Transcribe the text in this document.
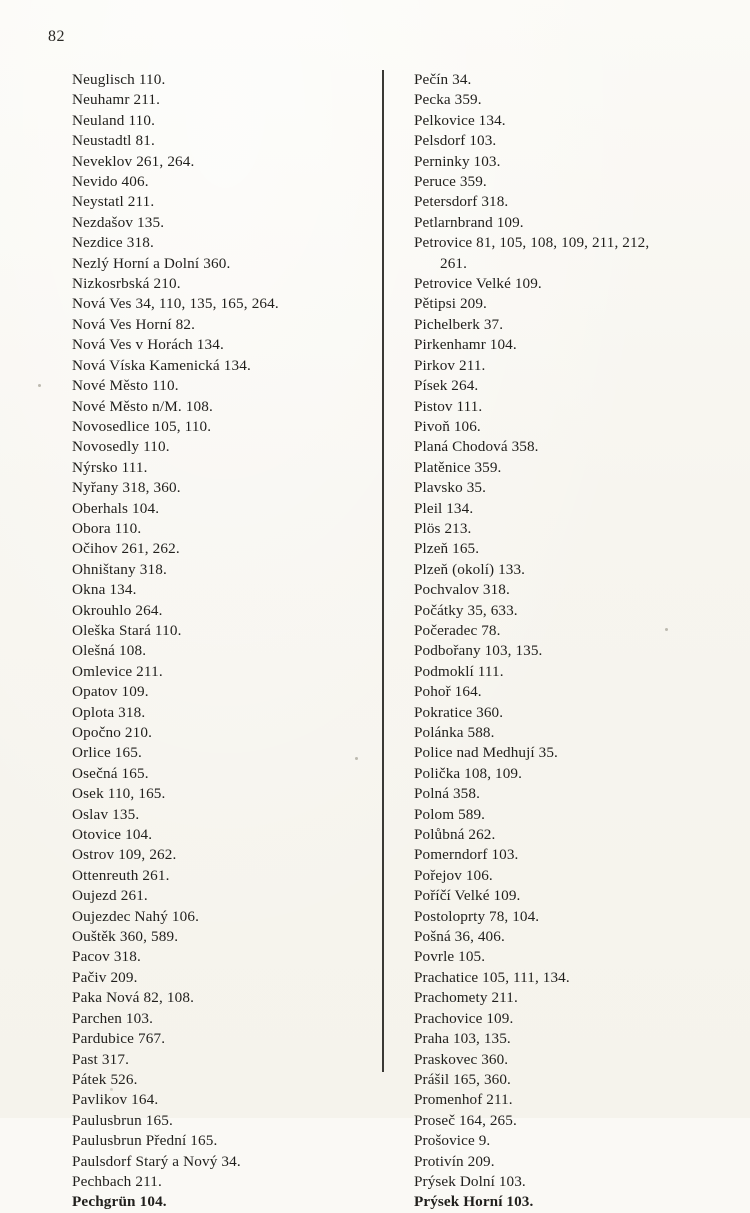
82
Neuglisch 110.
Neuhamr 211.
Neuland 110.
Neustadtl 81.
Neveklov 261, 264.
Nevido 406.
Neystatl 211.
Nezdašov 135.
Nezdice 318.
Nezlý Horní a Dolní 360.
Nizkosrbská 210.
Nová Ves 34, 110, 135, 165, 264.
Nová Ves Horní 82.
Nová Ves v Horách 134.
Nová Víska Kamenická 134.
Nové Město 110.
Nové Město n/M. 108.
Novosedlice 105, 110.
Novosedly 110.
Nýrsko 111.
Nyřany 318, 360.
Oberhals 104.
Obora 110.
Očihov 261, 262.
Ohništany 318.
Okna 134.
Okrouhlo 264.
Oleška Stará 110.
Olešná 108.
Omlevice 211.
Opatov 109.
Oplota 318.
Opočno 210.
Orlice 165.
Osečná 165.
Osek 110, 165.
Oslav 135.
Otovice 104.
Ostrov 109, 262.
Ottenreuth 261.
Oujezd 261.
Oujezdec Nahý 106.
Ouštěk 360, 589.
Pacov 318.
Pačiv 209.
Paka Nová 82, 108.
Parchen 103.
Pardubice 767.
Past 317.
Pátek 526.
Pavlikov 164.
Paulusbrun 165.
Paulusbrun Přední 165.
Paulsdorf Starý a Nový 34.
Pechbach 211.
Pechgrün 104.
Pečín 34.
Pecka 359.
Pelkovice 134.
Pelsdorf 103.
Perninky 103.
Peruce 359.
Petersdorf 318.
Petlarnbrand 109.
Petrovice 81, 105, 108, 109, 211, 212,
261.
Petrovice Velké 109.
Pětipsi 209.
Pichelberk 37.
Pirkenhamr 104.
Pirkov 211.
Písek 264.
Pistov 111.
Pivoň 106.
Planá Chodová 358.
Platěnice 359.
Plavsko 35.
Pleil 134.
Plös 213.
Plzeň 165.
Plzeň (okolí) 133.
Pochvalov 318.
Počátky 35, 633.
Počeradec 78.
Podbořany 103, 135.
Podmoklí 111.
Pohoř 164.
Pokratice 360.
Polánka 588.
Police nad Medhují 35.
Polička 108, 109.
Polná 358.
Polom 589.
Polůbná 262.
Pomerndorf 103.
Pořejov 106.
Poříčí Velké 109.
Postoloprty 78, 104.
Pošná 36, 406.
Povrle 105.
Prachatice 105, 111, 134.
Prachomety 211.
Prachovice 109.
Praha 103, 135.
Praskovec 360.
Prášil 165, 360.
Promenhof 211.
Proseč 164, 265.
Prošovice 9.
Protivín 209.
Prýsek Dolní 103.
Prýsek Horní 103.
